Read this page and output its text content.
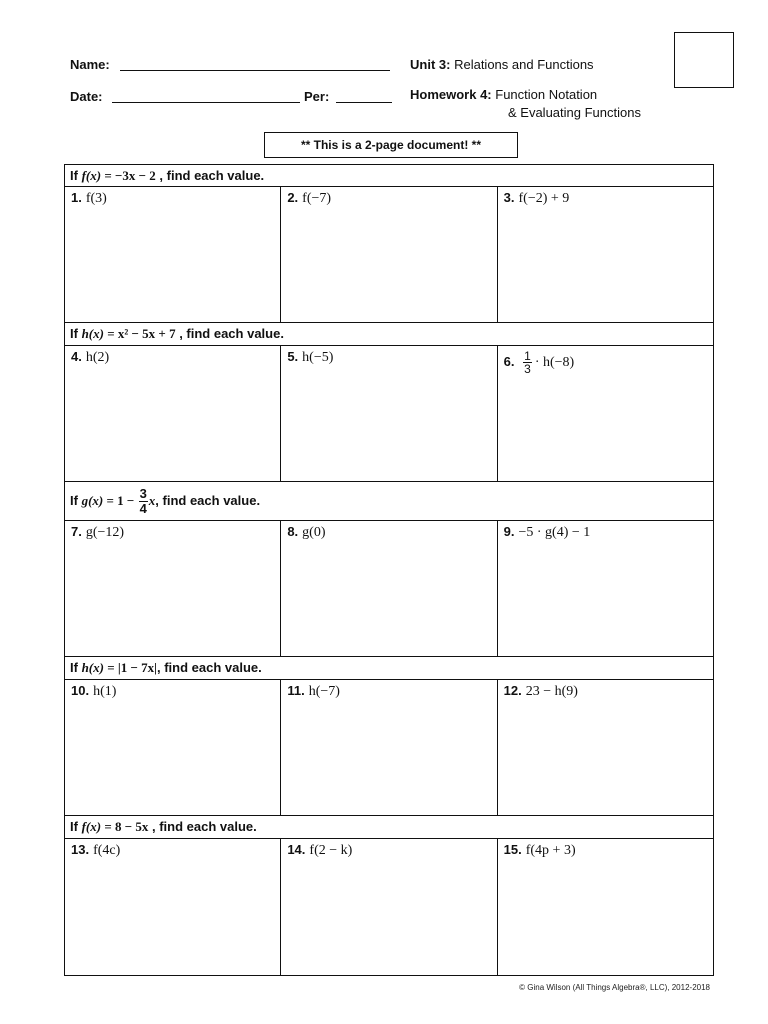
Name:
Date:	Per:
Unit 3: Relations and Functions
Homework 4: Function Notation
& Evaluating Functions
** This is a 2-page document! **
If f(x) = −3x − 2 , find each value.
1. f(3)	2. f(−7)	3. f(−2) + 9
If h(x) = x² − 5x + 7 , find each value.
4. h(2)	5. h(−5)	6. $\frac{1}{3} \cdot h(-8)$
If $g(x) = 1 - \frac{3}{4} x$, find each value.
7. g(−12)	8. g(0)	9. −5 · g(4) − 1
If h(x) = |1 − 7x|, find each value.
10. h(1)	11. h(−7)	12. 23 − h(9)
If f(x) = 8 − 5x , find each value.
13. f(4c)	14. f(2 − k)	15. f(4p + 3)
© Gina Wilson (All Things Algebra®, LLC), 2012-2018
